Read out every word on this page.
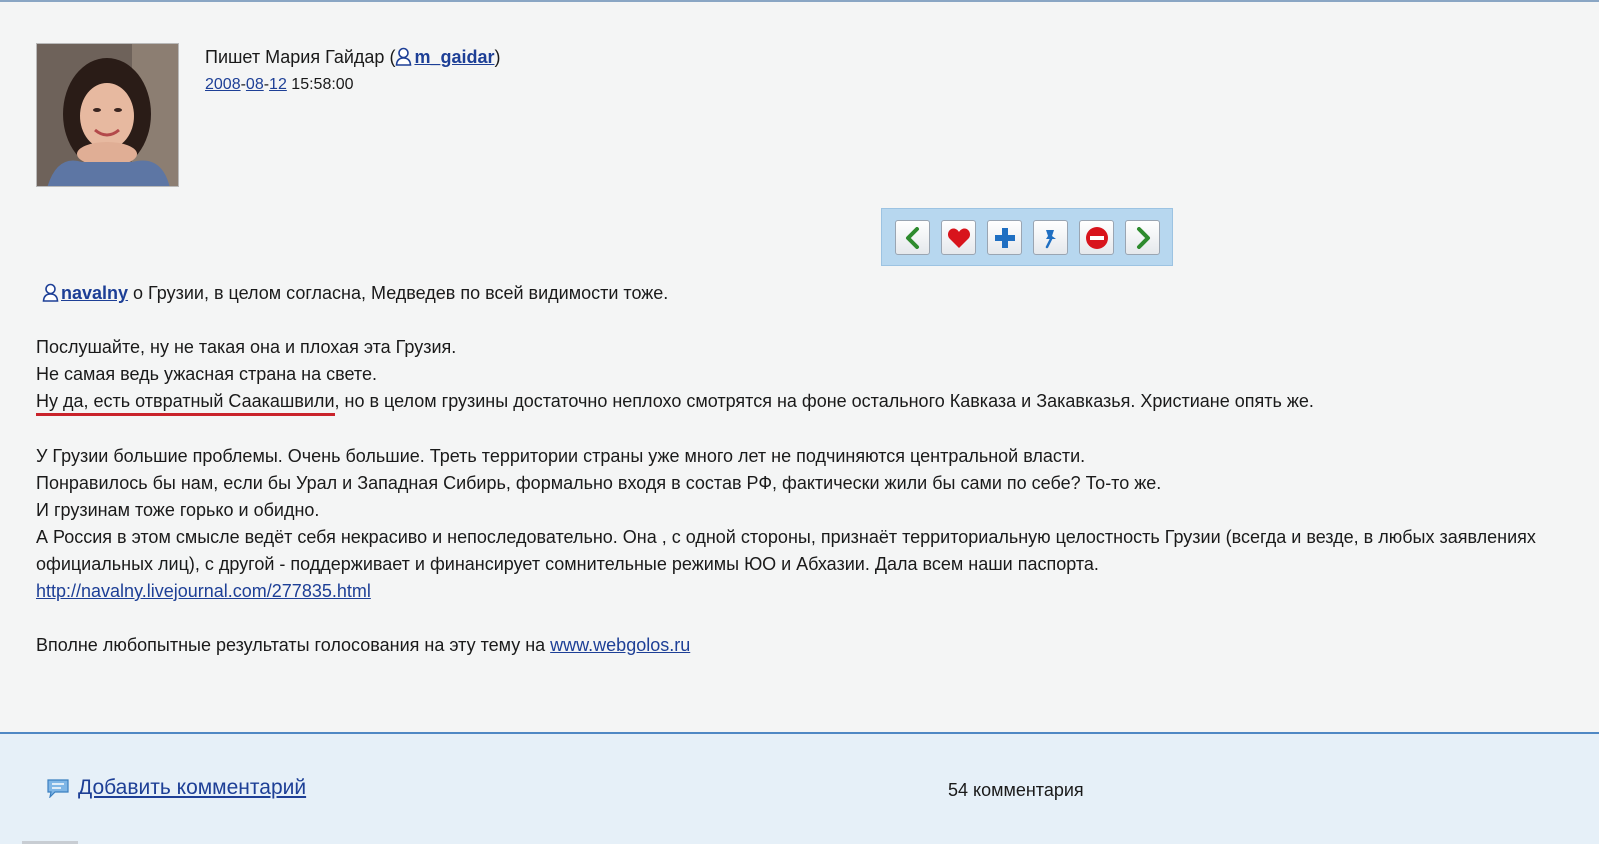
Пишет Мария Гайдар ( m_gaidar)
2008-08-12 15:58:00

navalny о Грузии, в целом согласна, Медведев по всей видимости тоже.

Послушайте, ну не такая она и плохая эта Грузия.

Не самая ведь ужасная страна на свете.

Ну да, есть отвратный Саакашвили, но в целом грузины достаточно неплохо смотрятся на фоне остального Кавказа и Закавказья. Христиане опять же.

У Грузии большие проблемы. Очень большие. Треть территории страны уже много лет не подчиняются центральной власти.

Понравилось бы нам, если бы Урал и Западная Сибирь, формально входя в состав РФ, фактически жили бы сами по себе? То-то же.

И грузинам тоже горько и обидно.

А Россия в этом смысле ведёт себя некрасиво и непоследовательно. Она , с одной стороны, признаёт территориальную целостность Грузии (всегда и везде, в любых заявлениях официальных лиц), с другой - поддерживает и финансирует сомнительные режимы ЮО и Абхазии. Дала всем наши паспорта.

http://navalny.livejournal.com/277835.html

Вполне любопытные результаты голосования на эту тему на www.webgolos.ru

Добавить комментарий	54 комментария
